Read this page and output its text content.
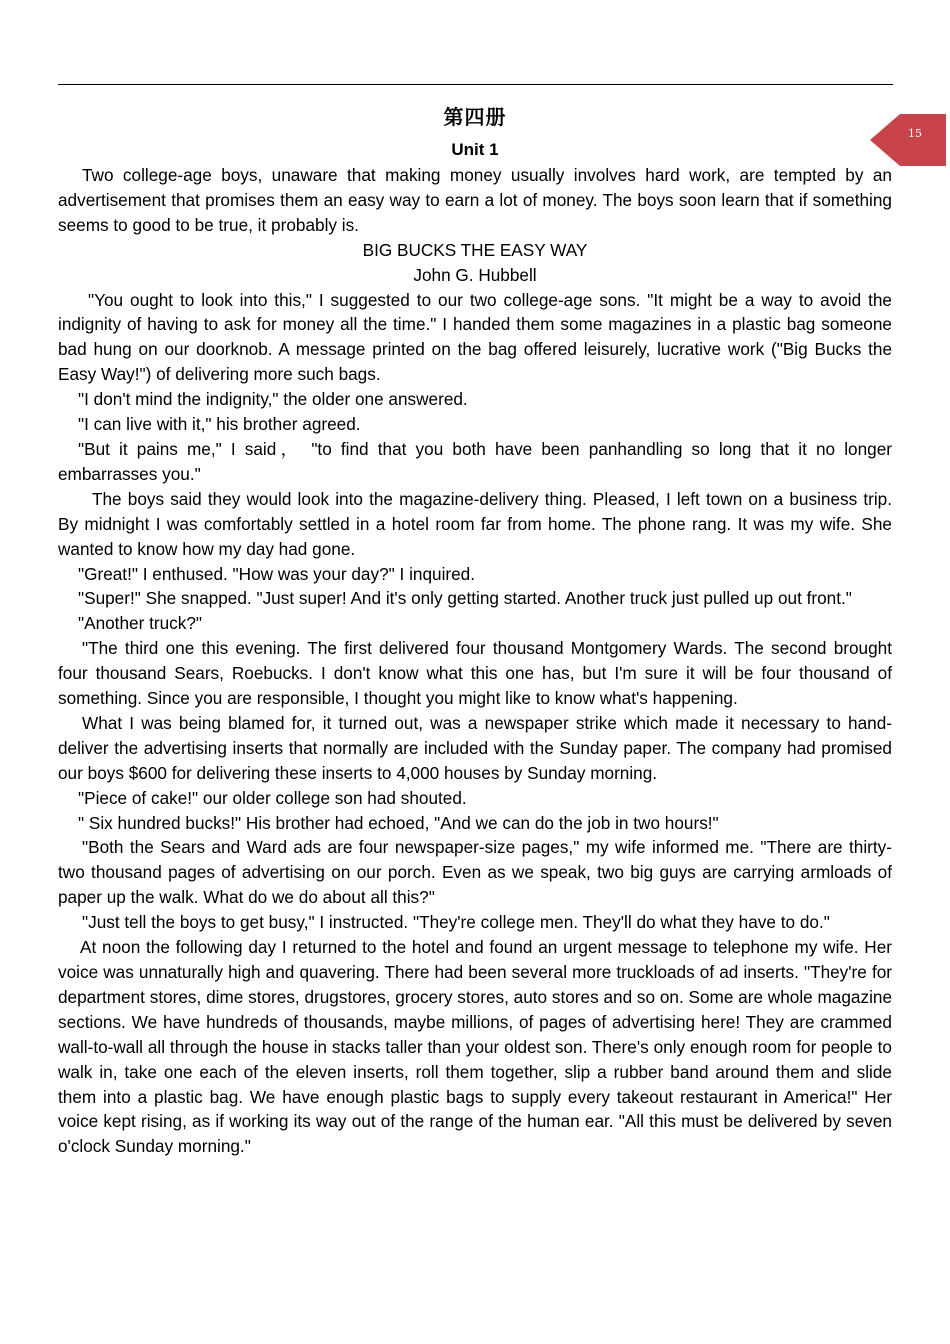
第四册
15
Unit 1

Two college-age boys, unaware that making money usually involves hard work, are tempted by an advertisement that promises them an easy way to earn a lot of money. The boys soon learn that if something seems to good to be true, it probably is.

BIG BUCKS THE EASY WAY

John G. Hubbell

"You ought to look into this," I suggested to our two college-age sons. "It might be a way to avoid the indignity of having to ask for money all the time." I handed them some magazines in a plastic bag someone bad hung on our doorknob. A message printed on the bag offered leisurely, lucrative work ("Big Bucks the Easy Way!") of delivering more such bags.

"I don't mind the indignity," the older one answered.

"I can live with it," his brother agreed.

"But it pains me," I said， "to find that you both have been panhandling so long that it no longer embarrasses you."

The boys said they would look into the magazine-delivery thing. Pleased, I left town on a business trip. By midnight I was comfortably settled in a hotel room far from home. The phone rang. It was my wife. She wanted to know how my day had gone.

"Great!" I enthused. "How was your day?" I inquired.

"Super!" She snapped. "Just super! And it's only getting started. Another truck just pulled up out front."

"Another truck?"

"The third one this evening. The first delivered four thousand Montgomery Wards. The second brought four thousand Sears, Roebucks. I don't know what this one has, but I'm sure it will be four thousand of something. Since you are responsible, I thought you might like to know what's happening.

What I was being blamed for, it turned out, was a newspaper strike which made it necessary to hand-deliver the advertising inserts that normally are included with the Sunday paper. The company had promised our boys $600 for delivering these inserts to 4,000 houses by Sunday morning.

"Piece of cake!" our older college son had shouted.

" Six hundred bucks!" His brother had echoed, "And we can do the job in two hours!"

"Both the Sears and Ward ads are four newspaper-size pages," my wife informed me. "There are thirty-two thousand pages of advertising on our porch. Even as we speak, two big guys are carrying armloads of paper up the walk. What do we do about all this?"

"Just tell the boys to get busy," I instructed. "They're college men. They'll do what they have to do."

At noon the following day I returned to the hotel and found an urgent message to telephone my wife. Her voice was unnaturally high and quavering. There had been several more truckloads of ad inserts. "They're for department stores, dime stores, drugstores, grocery stores, auto stores and so on. Some are whole magazine sections. We have hundreds of thousands, maybe millions, of pages of advertising here! They are crammed wall-to-wall all through the house in stacks taller than your oldest son. There's only enough room for people to walk in, take one each of the eleven inserts, roll them together, slip a rubber band around them and slide them into a plastic bag. We have enough plastic bags to supply every takeout restaurant in America!" Her voice kept rising, as if working its way out of the range of the human ear. "All this must be delivered by seven o'clock Sunday morning."
